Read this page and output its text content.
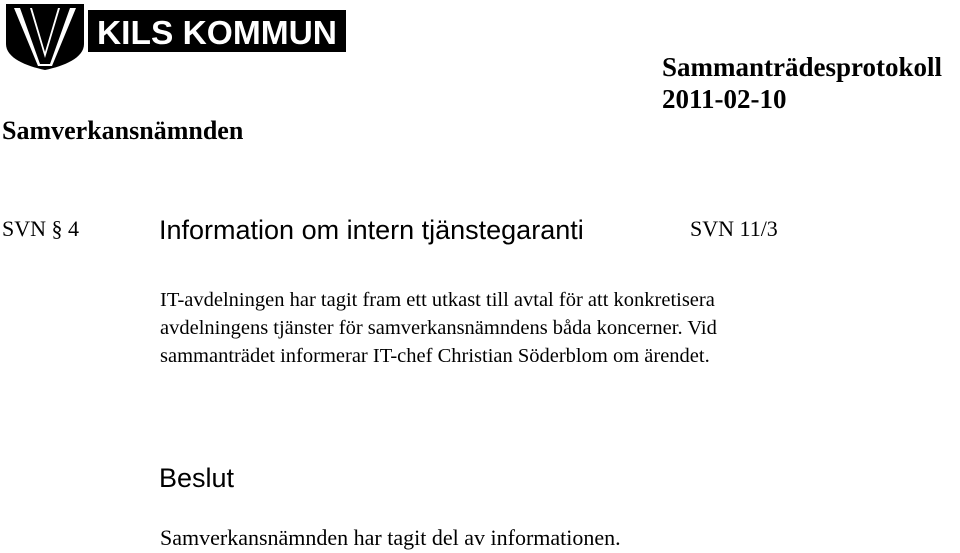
KILS KOMMUN
Sammanträdesprotokoll
2011-02-10
Samverkansnämnden
SVN § 4	Information om intern tjänstegaranti	SVN 11/3
IT-avdelningen har tagit fram ett utkast till avtal för att konkretisera
avdelningens tjänster för samverkansnämndens båda koncerner. Vid
sammanträdet informerar IT-chef Christian Söderblom om ärendet.
Beslut
Samverkansnämnden har tagit del av informationen.
